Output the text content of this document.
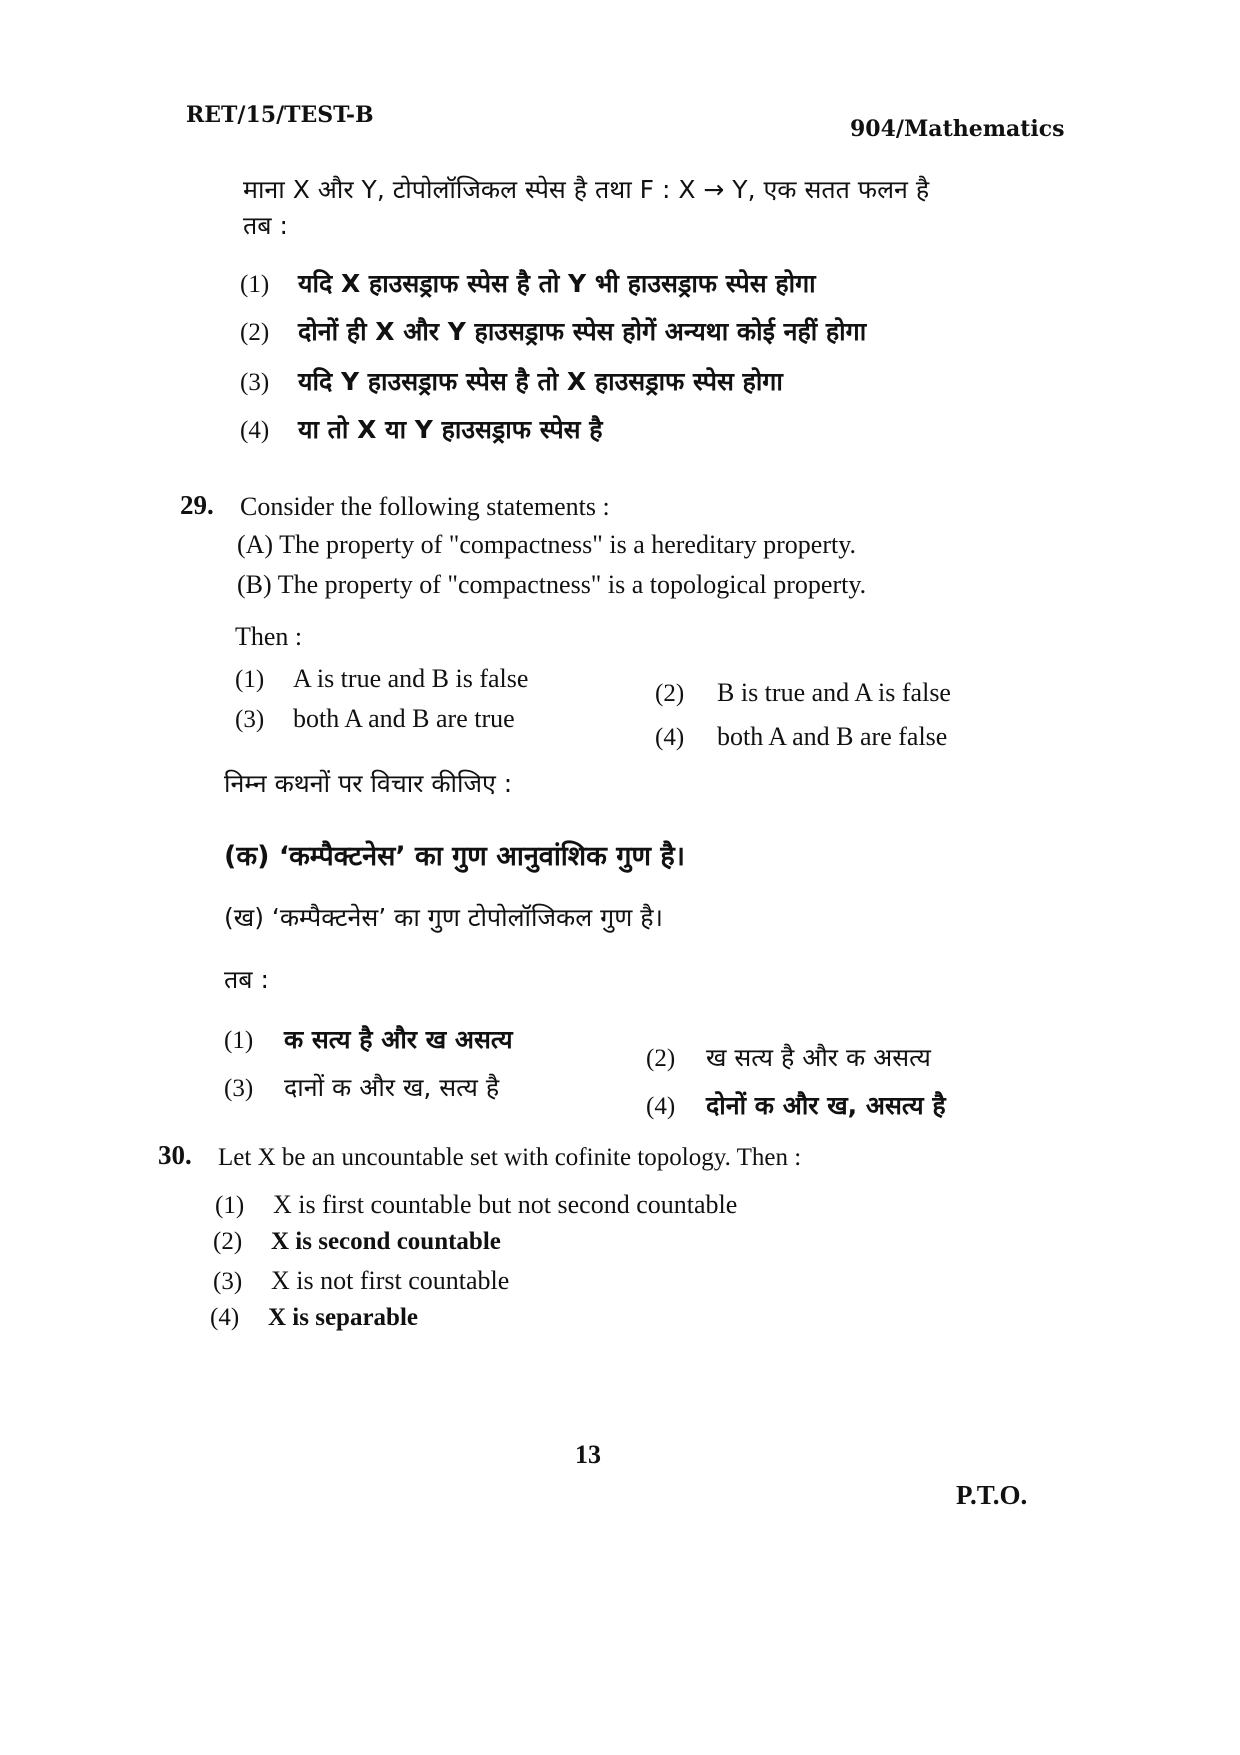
RET/15/TEST-B
904/Mathematics
माना X और Y, टोपोलॉजिकल स्पेस है तथा F : X → Y, एक सतत फलन है
तब :
(1) यदि X हाउसड्राफ स्पेस है तो Y भी हाउसड्राफ स्पेस होगा
(2) दोनों ही X और Y हाउसड्राफ स्पेस होगें अन्यथा कोई नहीं होगा
(3) यदि Y हाउसड्राफ स्पेस है तो X हाउसड्राफ स्पेस होगा
(4) या तो X या Y हाउसड्राफ स्पेस है
29. Consider the following statements :
(A) The property of "compactness" is a hereditary property.
(B) The property of "compactness" is a topological property.
Then :
(1) A is true and B is false
(2) B is true and A is false
(3) both A and B are true
(4) both A and B are false
निम्न कथनों पर विचार कीजिए :
(क) ‘कम्पैक्टनेस’ का गुण आनुवांशिक गुण है।
(ख) ‘कम्पैक्टनेस’ का गुण टोपोलॉजिकल गुण है।
तब :
(1) क सत्य है और ख असत्य
(2) ख सत्य है और क असत्य
(3) दानों क और ख, सत्य है
(4) दोनों क और ख, असत्य है
30. Let X be an uncountable set with cofinite topology. Then :
(1) X is first countable but not second countable
(2) X is second countable
(3) X is not first countable
(4) X is separable
13
P.T.O.
